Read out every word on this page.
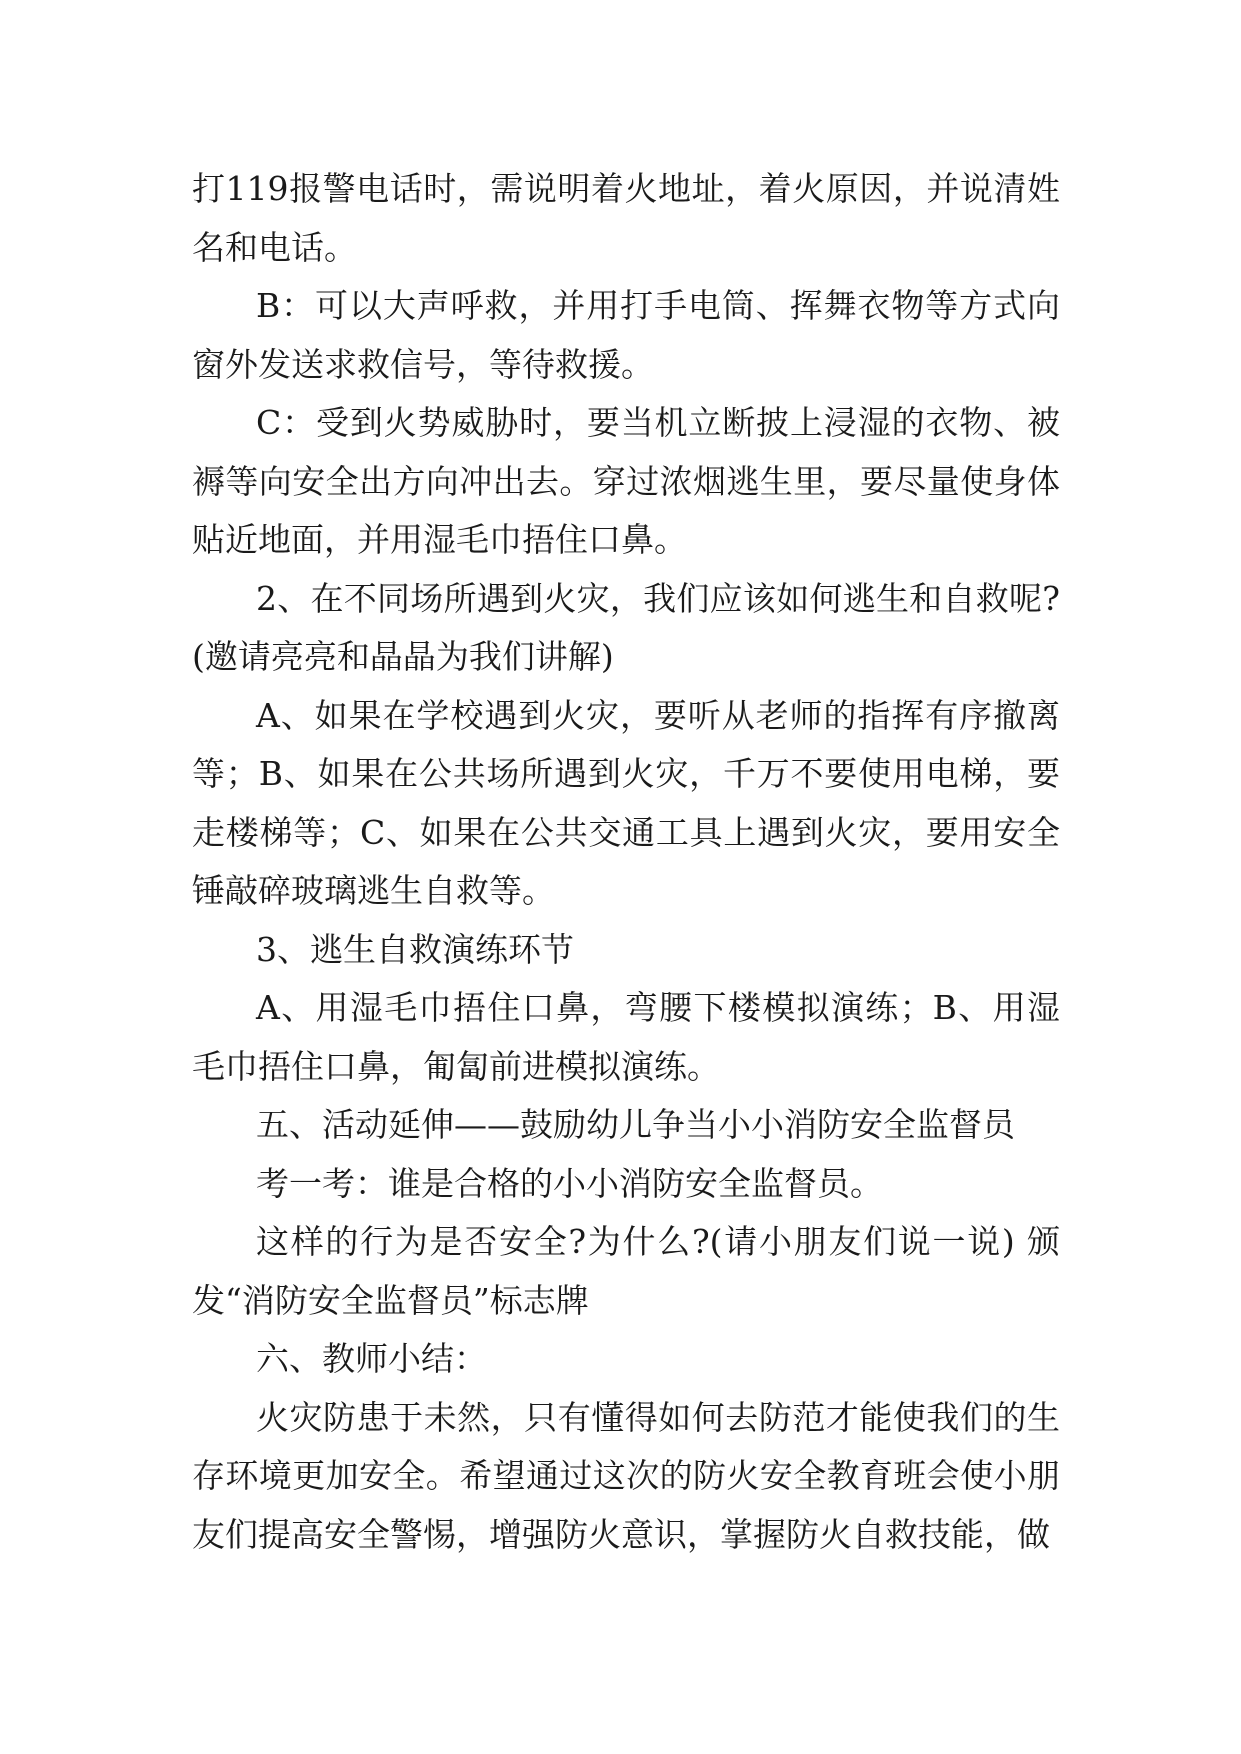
打119报警电话时，需说明着火地址，着火原因，并说清姓名和电话。

B：可以大声呼救，并用打手电筒、挥舞衣物等方式向窗外发送求救信号，等待救援。

C：受到火势威胁时，要当机立断披上浸湿的衣物、被褥等向安全出方向冲出去。穿过浓烟逃生里，要尽量使身体贴近地面，并用湿毛巾捂住口鼻。

2、在不同场所遇到火灾，我们应该如何逃生和自救呢?(邀请亮亮和晶晶为我们讲解)

A、如果在学校遇到火灾，要听从老师的指挥有序撤离等；B、如果在公共场所遇到火灾，千万不要使用电梯，要走楼梯等；C、如果在公共交通工具上遇到火灾，要用安全锤敲碎玻璃逃生自救等。

3、逃生自救演练环节

A、用湿毛巾捂住口鼻，弯腰下楼模拟演练；B、用湿毛巾捂住口鼻，匍匐前进模拟演练。

五、活动延伸——鼓励幼儿争当小小消防安全监督员

考一考：谁是合格的小小消防安全监督员。

这样的行为是否安全?为什么?(请小朋友们说一说) 颁发“消防安全监督员”标志牌

六、教师小结：

火灾防患于未然，只有懂得如何去防范才能使我们的生存环境更加安全。希望通过这次的防火安全教育班会使小朋友们提高安全警惕，增强防火意识，掌握防火自救技能，做
